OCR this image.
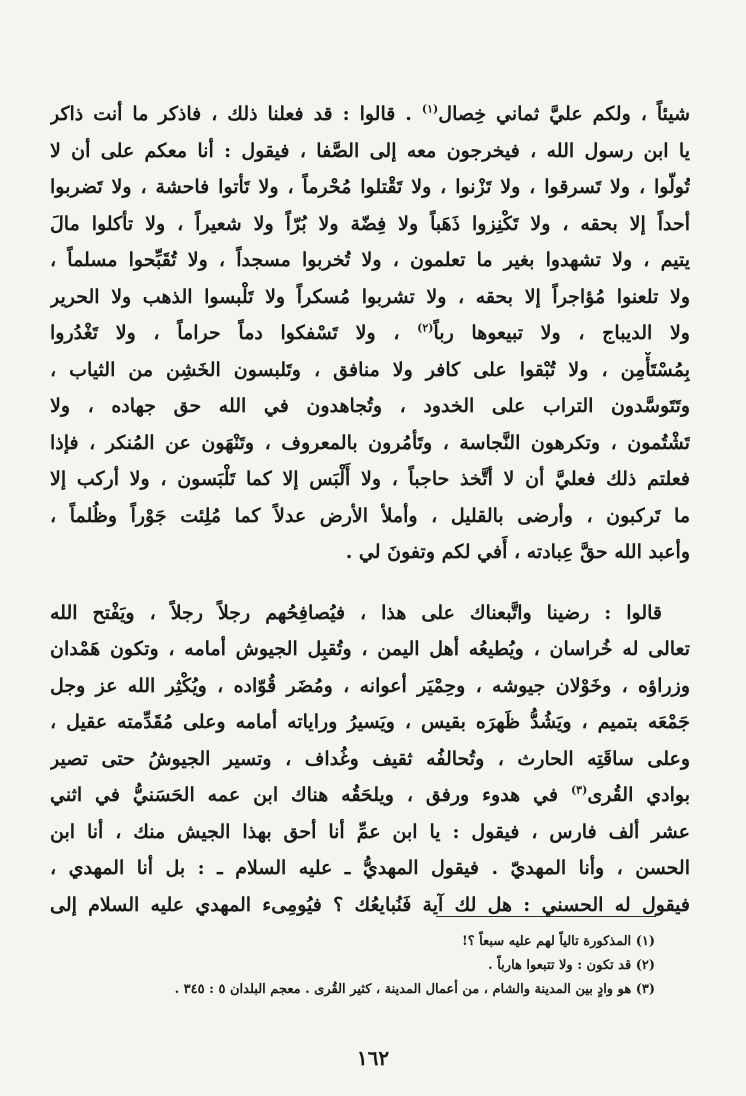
شيئاً ، ولكم عليَّ ثماني خِصال$^{(١)}$ . قالوا : قد فعلنا ذلك ، فاذكر ما أنت ذاكر
يا ابن رسول الله ، فيخرجون معه إلى الصَّفا ، فيقول : أنا معكم على أن لا
تُولّوا ، ولا تَسرقوا ، ولا تَزْنوا ، ولا تَقْتلوا مُحْرماً ، ولا تَأتوا فاحشة ، ولا تَضربوا
أحداً إلا بحقه ، ولا تَكْنِزوا ذَهَباً ولا فِضّة ولا بُرّاً ولا شعيراً ، ولا تأكلوا مالَ
يتيم ، ولا تشهدوا بغير ما تعلمون ، ولا تُخربوا مسجداً ، ولا تُقَبِّحوا مسلماً ،
ولا تلعنوا مُؤاجراً إلا بحقه ، ولا تشربوا مُسكراً ولا تَلْبسوا الذهب ولا الحرير
ولا الديباج ، ولا تبيعوها رباً$^{(٢)}$ ، ولا تَسْفكوا دماً حراماً ، ولا تَغْدُروا
بِمُسْتَأْمِن ، ولا تُبْقوا على كافر ولا منافق ، وتَلبسون الخَشِن من الثياب ،
وتَتَوسَّدون التراب على الخدود ، وتُجاهدون في الله حق جهاده ، ولا
تَشْتُمون ، وتكرهون النَّجاسة ، وتَأمُرون بالمعروف ، وتَنْهَون عن المُنكر ، فإذا
فعلتم ذلك فعليَّ أن لا أتَّخذ حاجباً ، ولا أَلْبَس إلا كما تَلْبَسون ، ولا أركب إلا
ما تَركبون ، وأرضى بالقليل ، وأملأ الأرض عدلاً كما مُلِئت جَوْراً وظُلماً ،
وأعبد الله حقَّ عِبادته ، أَفي لكم وتفونَ لي .
قالوا : رضينا واتَّبعناك على هذا ، فيُصافِحُهم رجلاً رجلاً ، ويَفْتح الله
تعالى له خُراسان ، ويُطيعُه أهل اليمن ، وتُقبِل الجيوش أمامه ، وتكون هَمْدان
وزراؤه ، وخَوْلان جيوشه ، وحِمْيَر أعوانه ، ومُضَر قُوّاده ، ويُكْثِر الله عز وجل
جَمْعَه بتميم ، ويَشُدُّ ظَهرَه بقيس ، ويَسيرُ وراياته أمامه وعلى مُقَدِّمته عقيل ،
وعلى ساقَتِه الحارث ، وتُحالفُه ثقيف وغُداف ، وتسير الجيوشُ حتى تصير
بوادي القُرى$^{(٣)}$ في هدوء ورفق ، ويلحَقُه هناك ابن عمه الحَسَنيُّ في اثني
عشر ألف فارس ، فيقول : يا ابن عمِّ أنا أحق بهذا الجيش منك ، أنا ابن
الحسن ، وأنا المهديّ . فيقول المهديُّ ـ عليه السلام ـ : بل أنا المهدي ،
فيقول له الحسني : هل لك آية فَنُبايعُك ؟ فيُومِىء المهدي عليه السلام إلى
(١) المذكورة تالياً لهم عليه سبعاً ؟!
(٢) قد تكون : ولا تتبعوا هارباً .
(٣) هو وادٍ بين المدينة والشام ، من أعمال المدينة ، كثير القُرى . معجم البلدان ٥ : ٣٤٥ .
١٦٢
